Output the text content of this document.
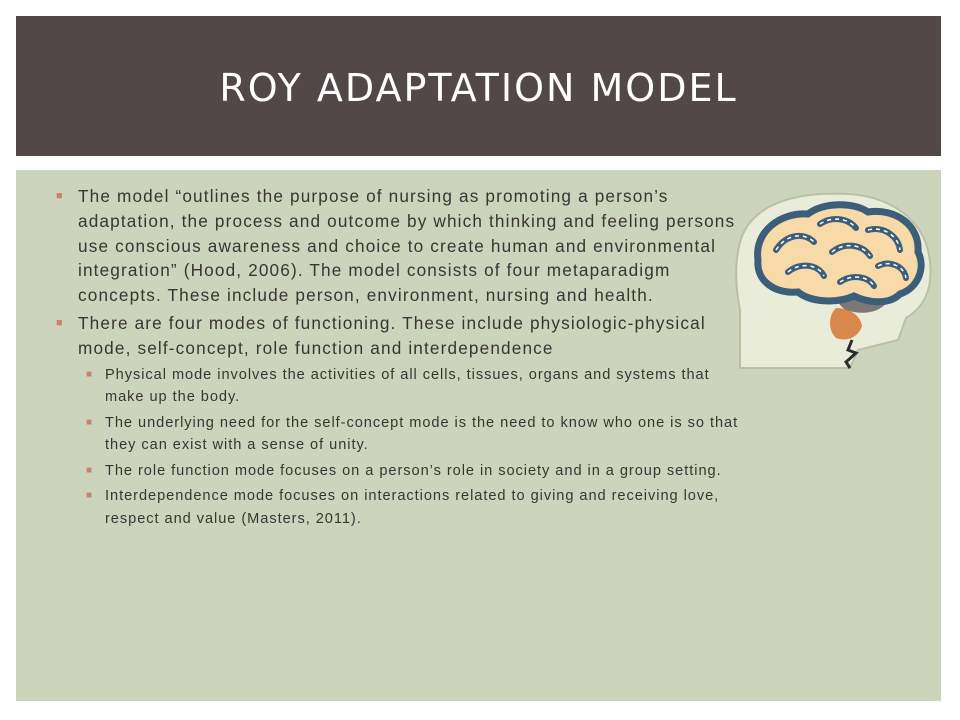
ROY ADAPTATION MODEL
■ The model “outlines the purpose of nursing as promoting a person’s adaptation, the process and outcome by which thinking and feeling persons use conscious awareness and choice to create human and environmental integration” (Hood, 2006). The model consists of four metaparadigm concepts. These include person, environment, nursing and health.
■ There are four modes of functioning. These include physiologic-physical mode, self-concept, role function and interdependence
■ Physical mode involves the activities of all cells, tissues, organs and systems that make up the body.
■ The underlying need for the self-concept mode is the need to know who one is so that they can exist with a sense of unity.
■ The role function mode focuses on a person’s role in society and in a group setting.
■ Interdependence mode focuses on interactions related to giving and receiving love, respect and value (Masters, 2011).
